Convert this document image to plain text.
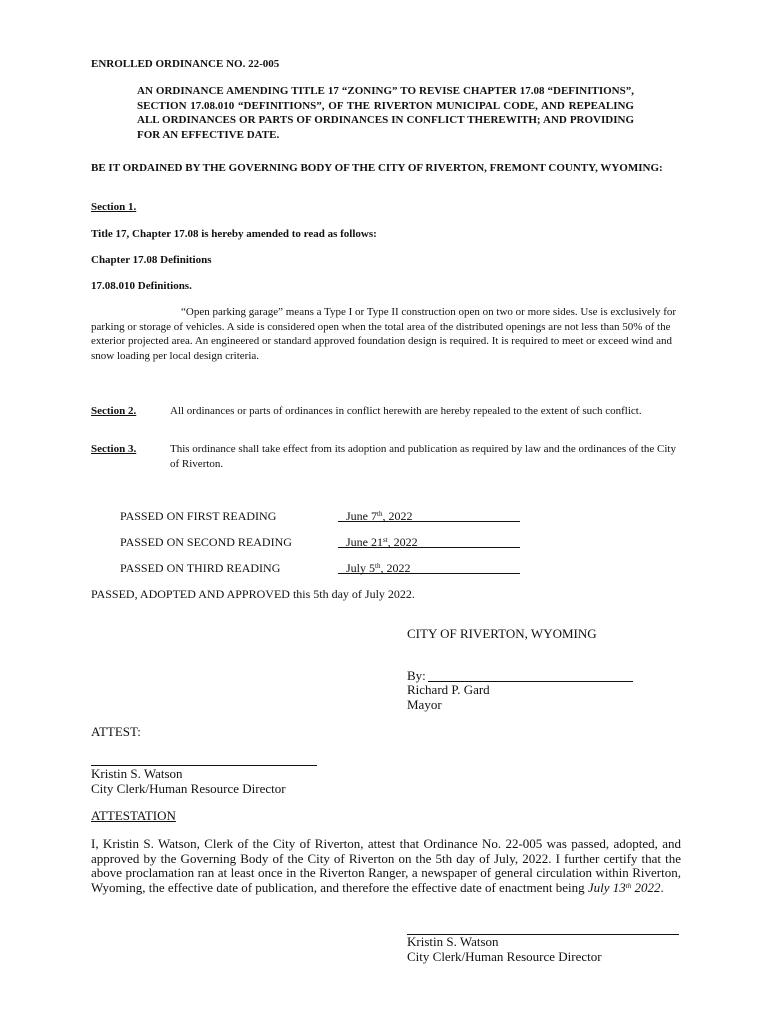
ENROLLED ORDINANCE NO. 22-005
AN ORDINANCE AMENDING TITLE 17 “ZONING” TO REVISE CHAPTER 17.08 “DEFINITIONS”, SECTION 17.08.010 “DEFINITIONS”, OF THE RIVERTON MUNICIPAL CODE, AND REPEALING ALL ORDINANCES OR PARTS OF ORDINANCES IN CONFLICT THEREWITH; AND PROVIDING FOR AN EFFECTIVE DATE.
BE IT ORDAINED BY THE GOVERNING BODY OF THE CITY OF RIVERTON, FREMONT COUNTY, WYOMING:
Section 1.
Title 17, Chapter 17.08 is hereby amended to read as follows:
Chapter 17.08 Definitions
17.08.010 Definitions.
“Open parking garage” means a Type I or Type II construction open on two or more sides. Use is exclusively for parking or storage of vehicles. A side is considered open when the total area of the distributed openings are not less than 50% of the exterior projected area. An engineered or standard approved foundation design is required. It is required to meet or exceed wind and snow loading per local design criteria.
Section 2.	All ordinances or parts of ordinances in conflict herewith are hereby repealed to the extent of such conflict.
Section 3.	This ordinance shall take effect from its adoption and publication as required by law and the ordinances of the City of Riverton.
PASSED ON FIRST READING	June 7th, 2022
PASSED ON SECOND READING	June 21st, 2022
PASSED ON THIRD READING	July 5th, 2022
PASSED, ADOPTED AND APPROVED this 5th day of July 2022.
CITY OF RIVERTON, WYOMING
By:
Richard P. Gard
Mayor
ATTEST:
Kristin S. Watson
City Clerk/Human Resource Director
ATTESTATION
I, Kristin S. Watson, Clerk of the City of Riverton, attest that Ordinance No. 22-005 was passed, adopted, and approved by the Governing Body of the City of Riverton on the 5th day of July, 2022. I further certify that the above proclamation ran at least once in the Riverton Ranger, a newspaper of general circulation within Riverton, Wyoming, the effective date of publication, and therefore the effective date of enactment being July 13th 2022.
Kristin S. Watson
City Clerk/Human Resource Director
